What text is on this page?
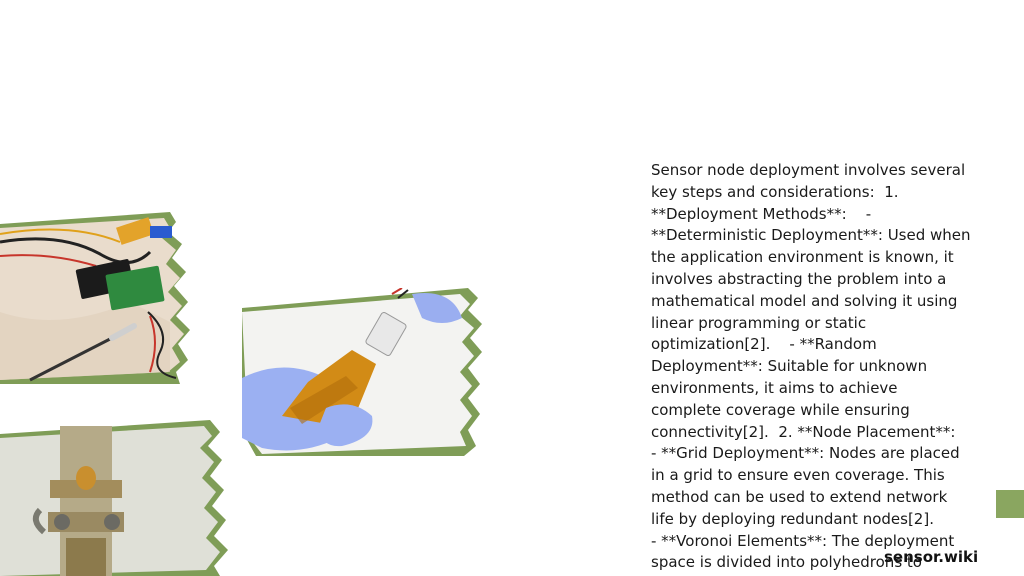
Sensor node deployment involves several
key steps and considerations:  1.
**Deployment Methods**:    -
**Deterministic Deployment**: Used when
the application environment is known, it
involves abstracting the problem into a
mathematical model and solving it using
linear programming or static
optimization[2].    - **Random
Deployment**: Suitable for unknown
environments, it aims to achieve
complete coverage while ensuring
connectivity[2].  2. **Node Placement**:
- **Grid Deployment**: Nodes are placed
in a grid to ensure even coverage. This
method can be used to extend network
life by deploying redundant nodes[2].
- **Voronoi Elements**: The deployment
space is divided into polyhedrons to
sensor.wiki
